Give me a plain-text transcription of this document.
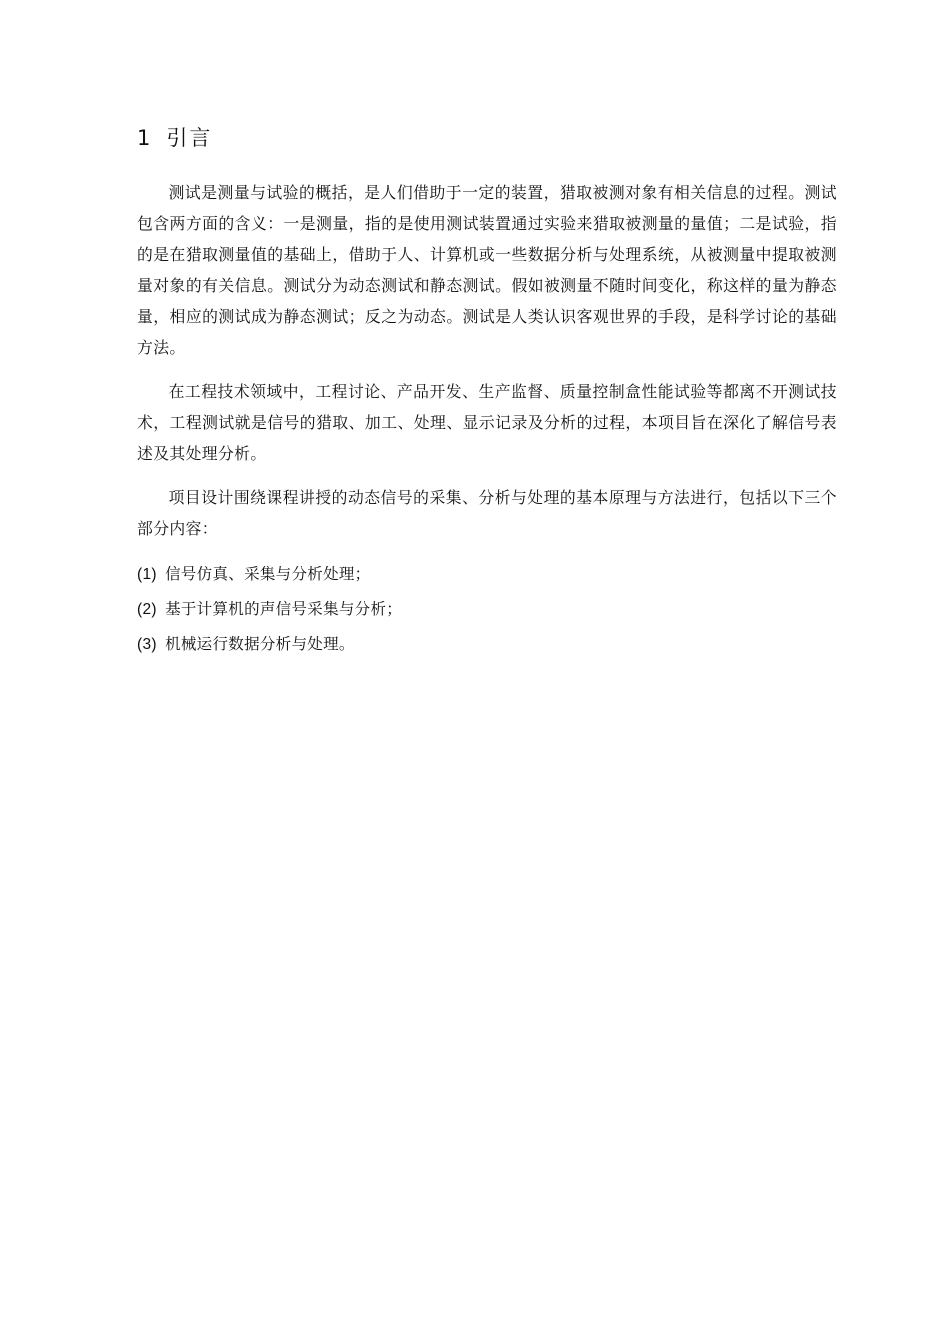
1 引言

测试是测量与试验的概括，是人们借助于一定的装置，猎取被测对象有相关信息的过程。测试包含两方面的含义：一是测量，指的是使用测试装置通过实验来猎取被测量的量值；二是试验，指的是在猎取测量值的基础上，借助于人、计算机或一些数据分析与处理系统，从被测量中提取被测量对象的有关信息。测试分为动态测试和静态测试。假如被测量不随时间变化，称这样的量为静态量，相应的测试成为静态测试；反之为动态。测试是人类认识客观世界的手段，是科学讨论的基础方法。

在工程技术领域中，工程讨论、产品开发、生产监督、质量控制盒性能试验等都离不开测试技术，工程测试就是信号的猎取、加工、处理、显示记录及分析的过程，本项目旨在深化了解信号表述及其处理分析。

项目设计围绕课程讲授的动态信号的采集、分析与处理的基本原理与方法进行，包括以下三个部分内容：

(1) 信号仿真、采集与分析处理；
(2) 基于计算机的声信号采集与分析；
(3) 机械运行数据分析与处理。
